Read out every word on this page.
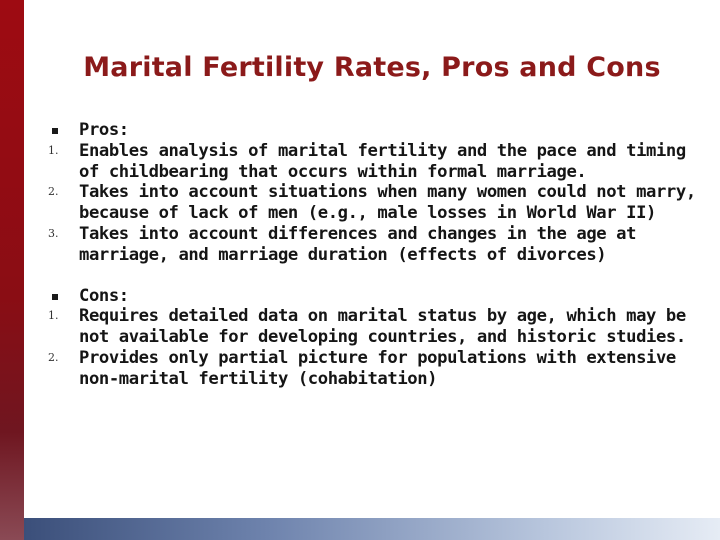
Marital Fertility Rates, Pros and Cons
Pros:
1. Enables analysis of marital fertility and the pace and timing of childbearing that occurs within formal marriage.
2. Takes into account situations when many women could not marry, because of lack of men (e.g., male losses in World War II)
3. Takes into account differences and changes in the age at marriage, and marriage duration (effects of divorces)
Cons:
1. Requires detailed data on marital status by age, which may be not available for developing countries, and historic studies.
2. Provides only partial picture for populations with extensive non-marital fertility (cohabitation)
